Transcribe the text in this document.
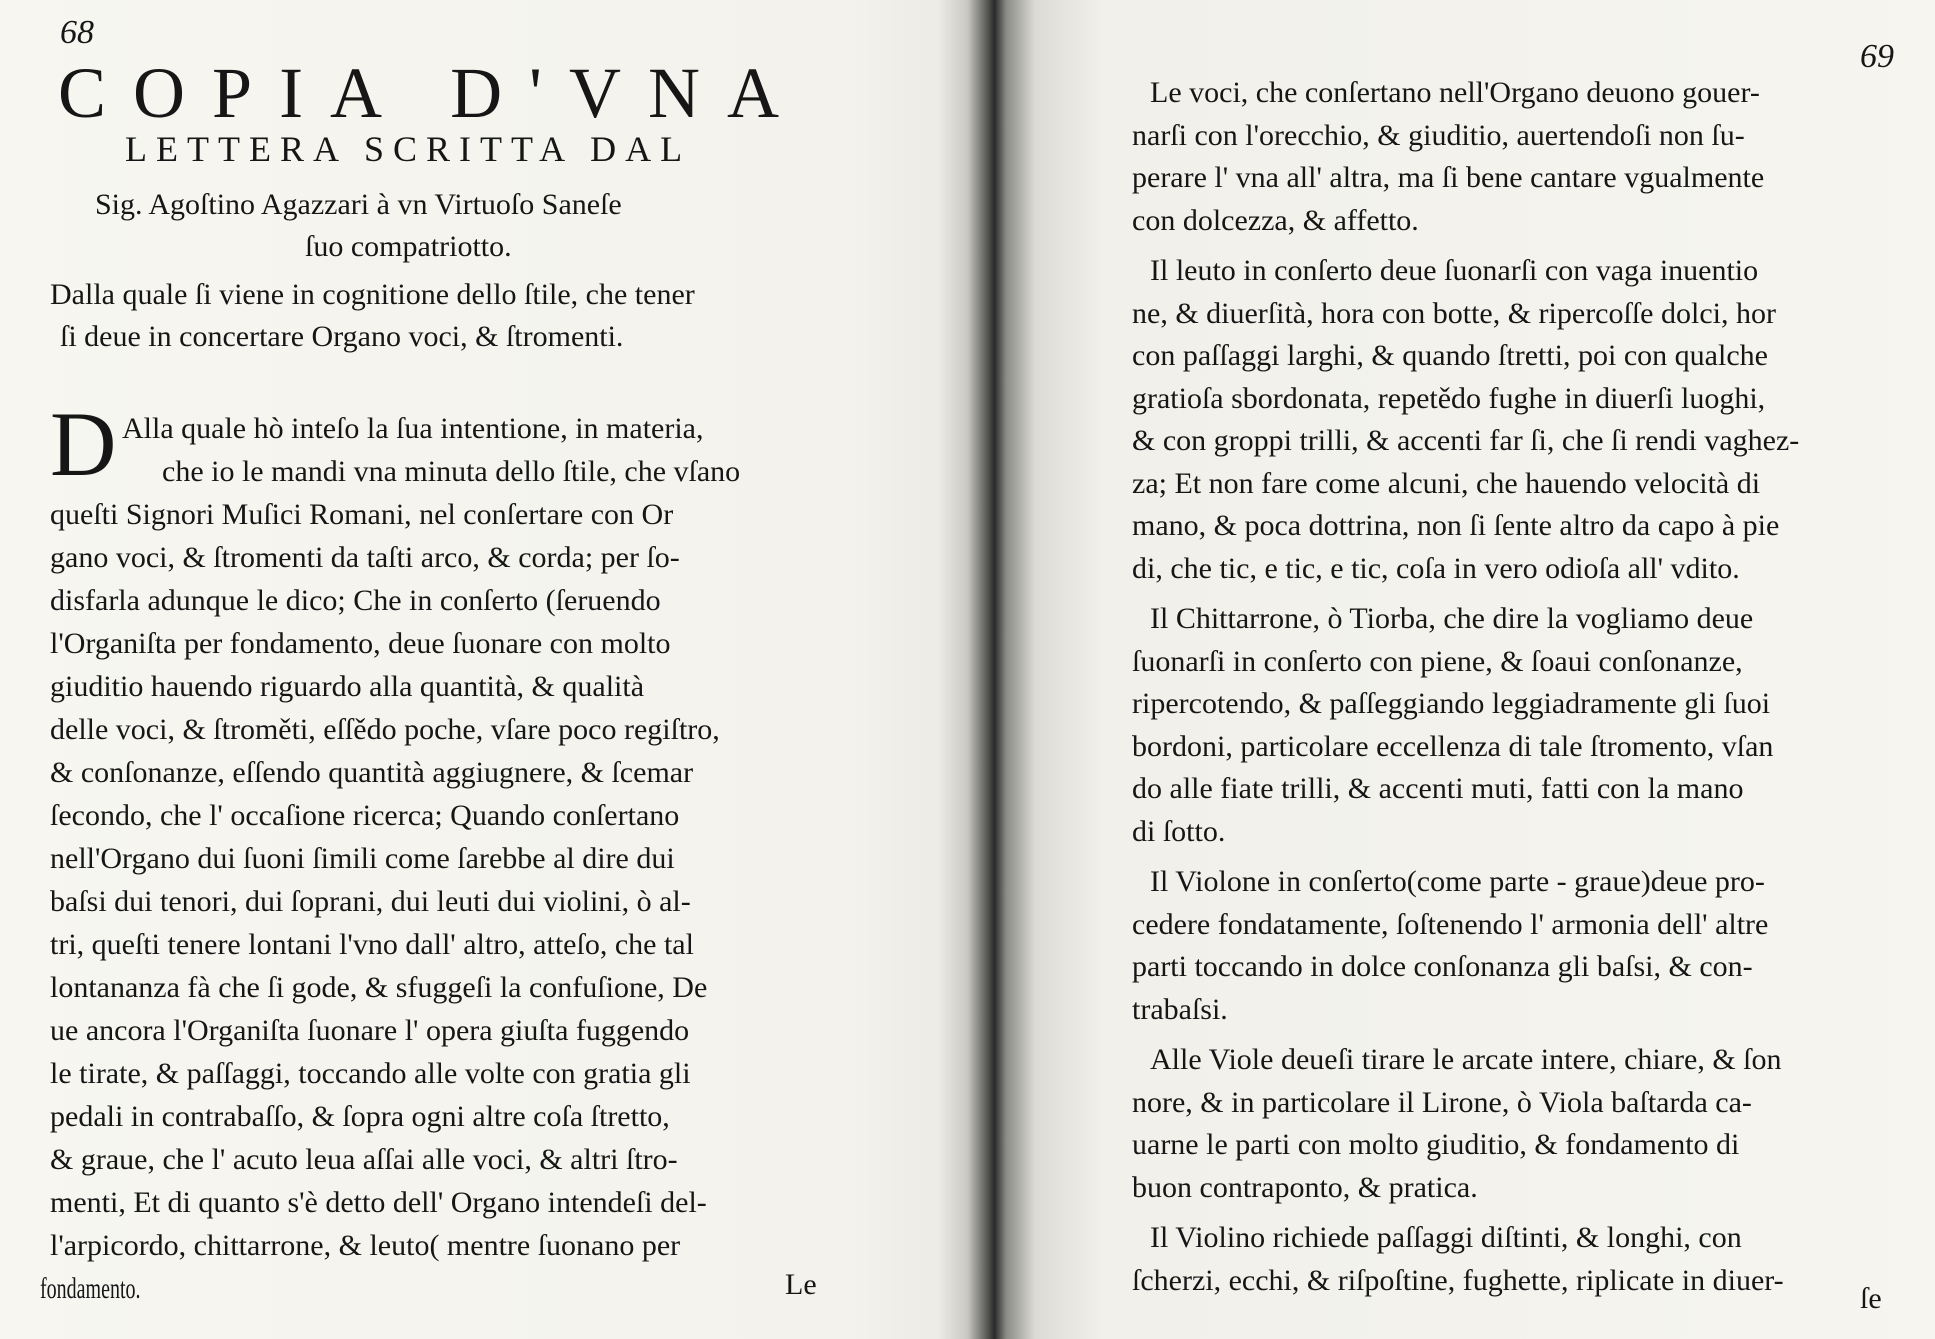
68
COPIA D'VNA
LETTERA SCRITTA DAL
Sig. Agoſtino Agazzari à vn Virtuoſo Saneſe
ſuo compatriotto.
Dalla quale ſi viene in cognitione dello ſtile, che tener
ſi deue in concertare Organo voci, & ſtromenti.
D Alla quale hò inteſo la ſua intentione, in materia,
che io le mandi vna minuta dello ſtile, che vſano
queſti Signori Muſici Romani, nel conſertare con Or
gano voci, & ſtromenti da taſti arco, & corda; per ſo-
disfarla adunque le dico; Che in conſerto (ſeruendo
l'Organiſta per fondamento, deue ſuonare con molto
giuditio hauendo riguardo alla quantità, & qualità
delle voci, & ſtroměti, eſſědo poche, vſare poco regiſtro,
& conſonanze, eſſendo quantità aggiugnere, & ſcemar
ſecondo, che l' occaſione ricerca; Quando conſertano
nell'Organo dui ſuoni ſimili come ſarebbe al dire dui
baſsi dui tenori, dui ſoprani, dui leuti dui violini, ò al-
tri, queſti tenere lontani l'vno dall' altro, atteſo, che tal
lontananza fà che ſi gode, & sfuggeſi la confuſione, De
ue ancora l'Organiſta ſuonare l' opera giuſta fuggendo
le tirate, & paſſaggi, toccando alle volte con gratia gli
pedali in contrabaſſo, & ſopra ogni altre coſa ſtretto,
& graue, che l' acuto leua aſſai alle voci, & altri ſtro-
menti, Et di quanto s'è detto dell' Organo intendeſi del-
l'arpicordo, chittarrone, & leuto( mentre ſuonano per
fondamento.	Le
69
Le voci, che conſertano nell'Organo deuono gouer-
narſi con l'orecchio, & giuditio, auertendoſi non ſu-
perare l' vna all' altra, ma ſi bene cantare vgualmente
con dolcezza, & affetto.
Il leuto in conſerto deue ſuonarſi con vaga inuentio
ne, & diuerſità, hora con botte, & ripercoſſe dolci, hor
con paſſaggi larghi, & quando ſtretti, poi con qualche
gratioſa sbordonata, repetědo fughe in diuerſi luoghi,
& con groppi trilli, & accenti far ſi, che ſi rendi vaghez-
za; Et non fare come alcuni, che hauendo velocità di
mano, & poca dottrina, non ſi ſente altro da capo à pie
di, che tic, e tic, e tic, coſa in vero odioſa all' vdito.
Il Chittarrone, ò Tiorba, che dire la vogliamo deue
ſuonarſi in conſerto con piene, & ſoaui conſonanze,
ripercotendo, & paſſeggiando leggiadramente gli ſuoi
bordoni, particolare eccellenza di tale ſtromento, vſan
do alle fiate trilli, & accenti muti, fatti con la mano
di ſotto.
Il Violone in conſerto(come parte - graue)deue pro-
cedere fondatamente, ſoſtenendo l' armonia dell' altre
parti toccando in dolce conſonanza gli baſsi, & con-
trabaſsi.
Alle Viole deueſi tirare le arcate intere, chiare, & ſon
nore, & in particolare il Lirone, ò Viola baſtarda ca-
uarne le parti con molto giuditio, & fondamento di
buon contraponto, & pratica.
Il Violino richiede paſſaggi diſtinti, & longhi, con
ſcherzi, ecchi, & riſpoſtine, fughette, riplicate in diuer-
ſe
